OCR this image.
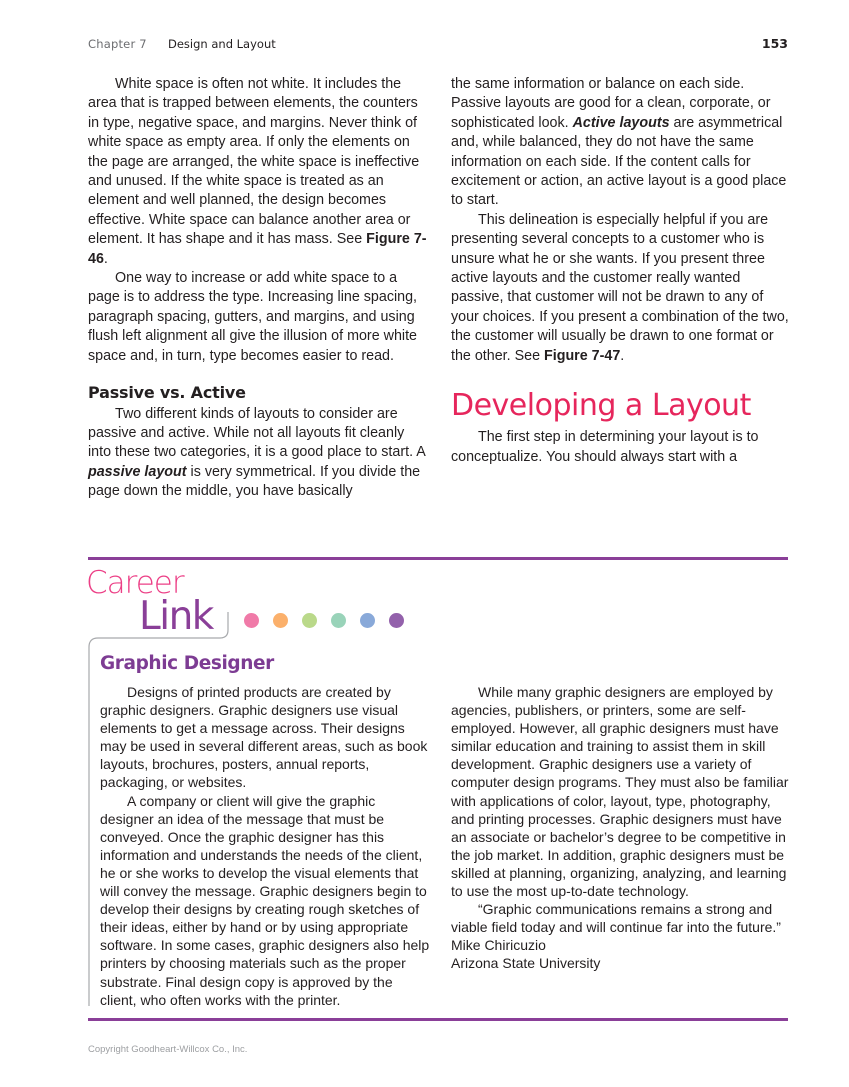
Chapter 7 Design and Layout	153

White space is often not white. It includes the area that is trapped between elements, the counters in type, negative space, and margins. Never think of white space as empty area. If only the elements on the page are arranged, the white space is ineffective and unused. If the white space is treated as an element and well planned, the design becomes effective. White space can balance another area or element. It has shape and it has mass. See Figure 7-46.

One way to increase or add white space to a page is to address the type. Increasing line spacing, paragraph spacing, gutters, and margins, and using flush left alignment all give the illusion of more white space and, in turn, type becomes easier to read.

Passive vs. Active

Two different kinds of layouts to consider are passive and active. While not all layouts fit cleanly into these two categories, it is a good place to start. A passive layout is very symmetrical. If you divide the page down the middle, you have basically

the same information or balance on each side. Passive layouts are good for a clean, corporate, or sophisticated look. Active layouts are asymmetrical and, while balanced, they do not have the same information on each side. If the content calls for excitement or action, an active layout is a good place to start.

This delineation is especially helpful if you are presenting several concepts to a customer who is unsure what he or she wants. If you present three active layouts and the customer really wanted passive, that customer will not be drawn to any of your choices. If you present a combination of the two, the customer will usually be drawn to one format or the other. See Figure 7-47.

Developing a Layout

The first step in determining your layout is to conceptualize. You should always start with a

Career
Link
Graphic Designer

Designs of printed products are created by graphic designers. Graphic designers use visual elements to get a message across. Their designs may be used in several different areas, such as book layouts, brochures, posters, annual reports, packaging, or websites.

A company or client will give the graphic designer an idea of the message that must be conveyed. Once the graphic designer has this information and understands the needs of the client, he or she works to develop the visual elements that will convey the message. Graphic designers begin to develop their designs by creating rough sketches of their ideas, either by hand or by using appropriate software. In some cases, graphic designers also help printers by choosing materials such as the proper substrate. Final design copy is approved by the client, who often works with the printer.

While many graphic designers are employed by agencies, publishers, or printers, some are self-employed. However, all graphic designers must have similar education and training to assist them in skill development. Graphic designers use a variety of computer design programs. They must also be familiar with applications of color, layout, type, photography, and printing processes. Graphic designers must have an associate or bachelor’s degree to be competitive in the job market. In addition, graphic designers must be skilled at planning, organizing, analyzing, and learning to use the most up-to-date technology.

“Graphic communications remains a strong and viable field today and will continue far into the future.”

Mike Chiricuzio

Arizona State University

Copyright Goodheart-Willcox Co., Inc.
